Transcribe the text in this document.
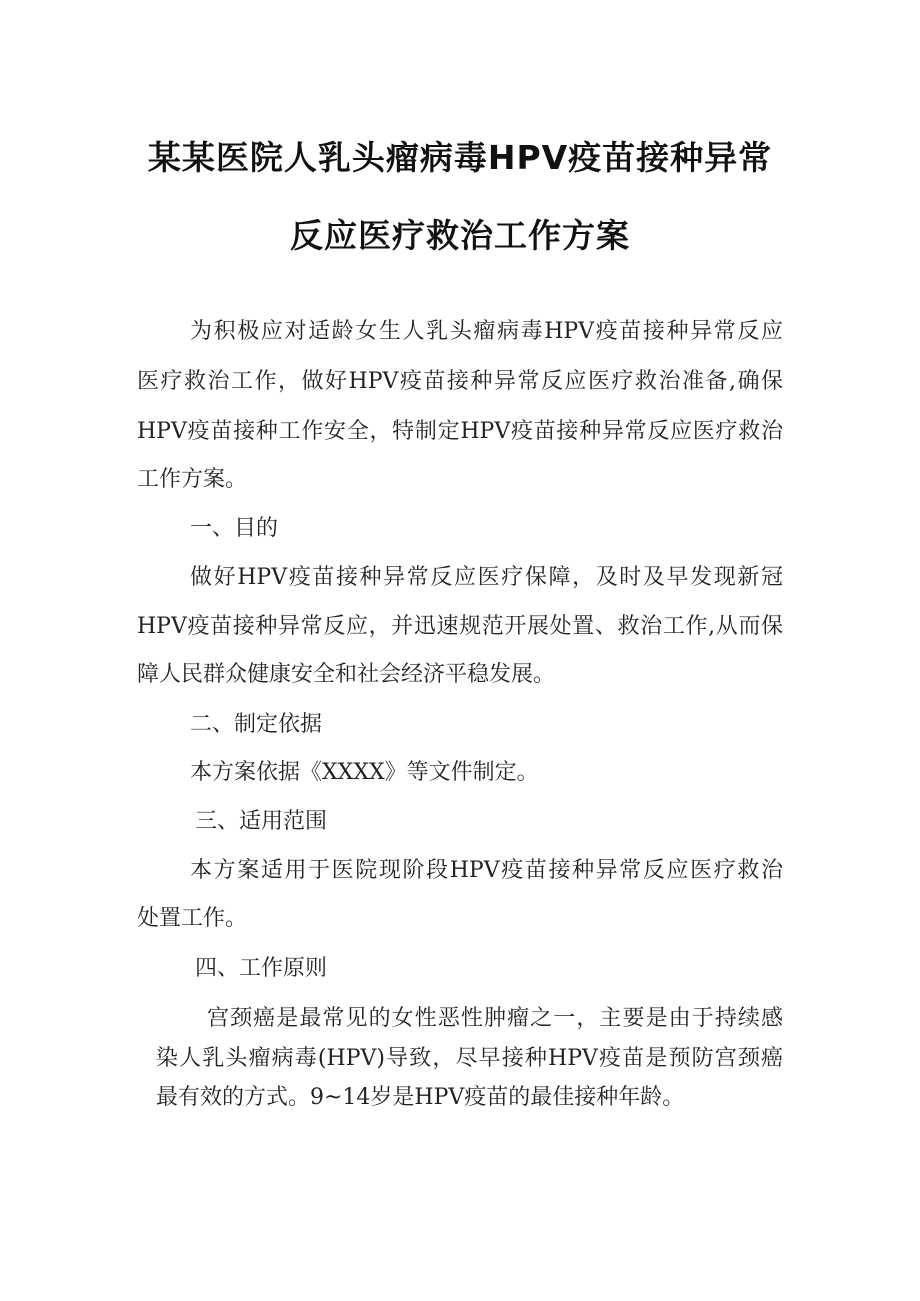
某某医院人乳头瘤病毒HPV疫苗接种异常
反应医疗救治工作方案
为积极应对适龄女生人乳头瘤病毒HPV疫苗接种异常反应
医疗救治工作，做好HPV疫苗接种异常反应医疗救治准备,确保
HPV疫苗接种工作安全，特制定HPV疫苗接种异常反应医疗救治
工作方案。
一、目的
做好HPV疫苗接种异常反应医疗保障，及时及早发现新冠
HPV疫苗接种异常反应，并迅速规范开展处置、救治工作,从而保
障人民群众健康安全和社会经济平稳发展。
二、制定依据
本方案依据《XXXX》等文件制定。
三、适用范围
本方案适用于医院现阶段HPV疫苗接种异常反应医疗救治
处置工作。
四、工作原则
宫颈癌是最常见的女性恶性肿瘤之一，主要是由于持续感
染人乳头瘤病毒(HPV)导致，尽早接种HPV疫苗是预防宫颈癌
最有效的方式。9~14岁是HPV疫苗的最佳接种年龄。
